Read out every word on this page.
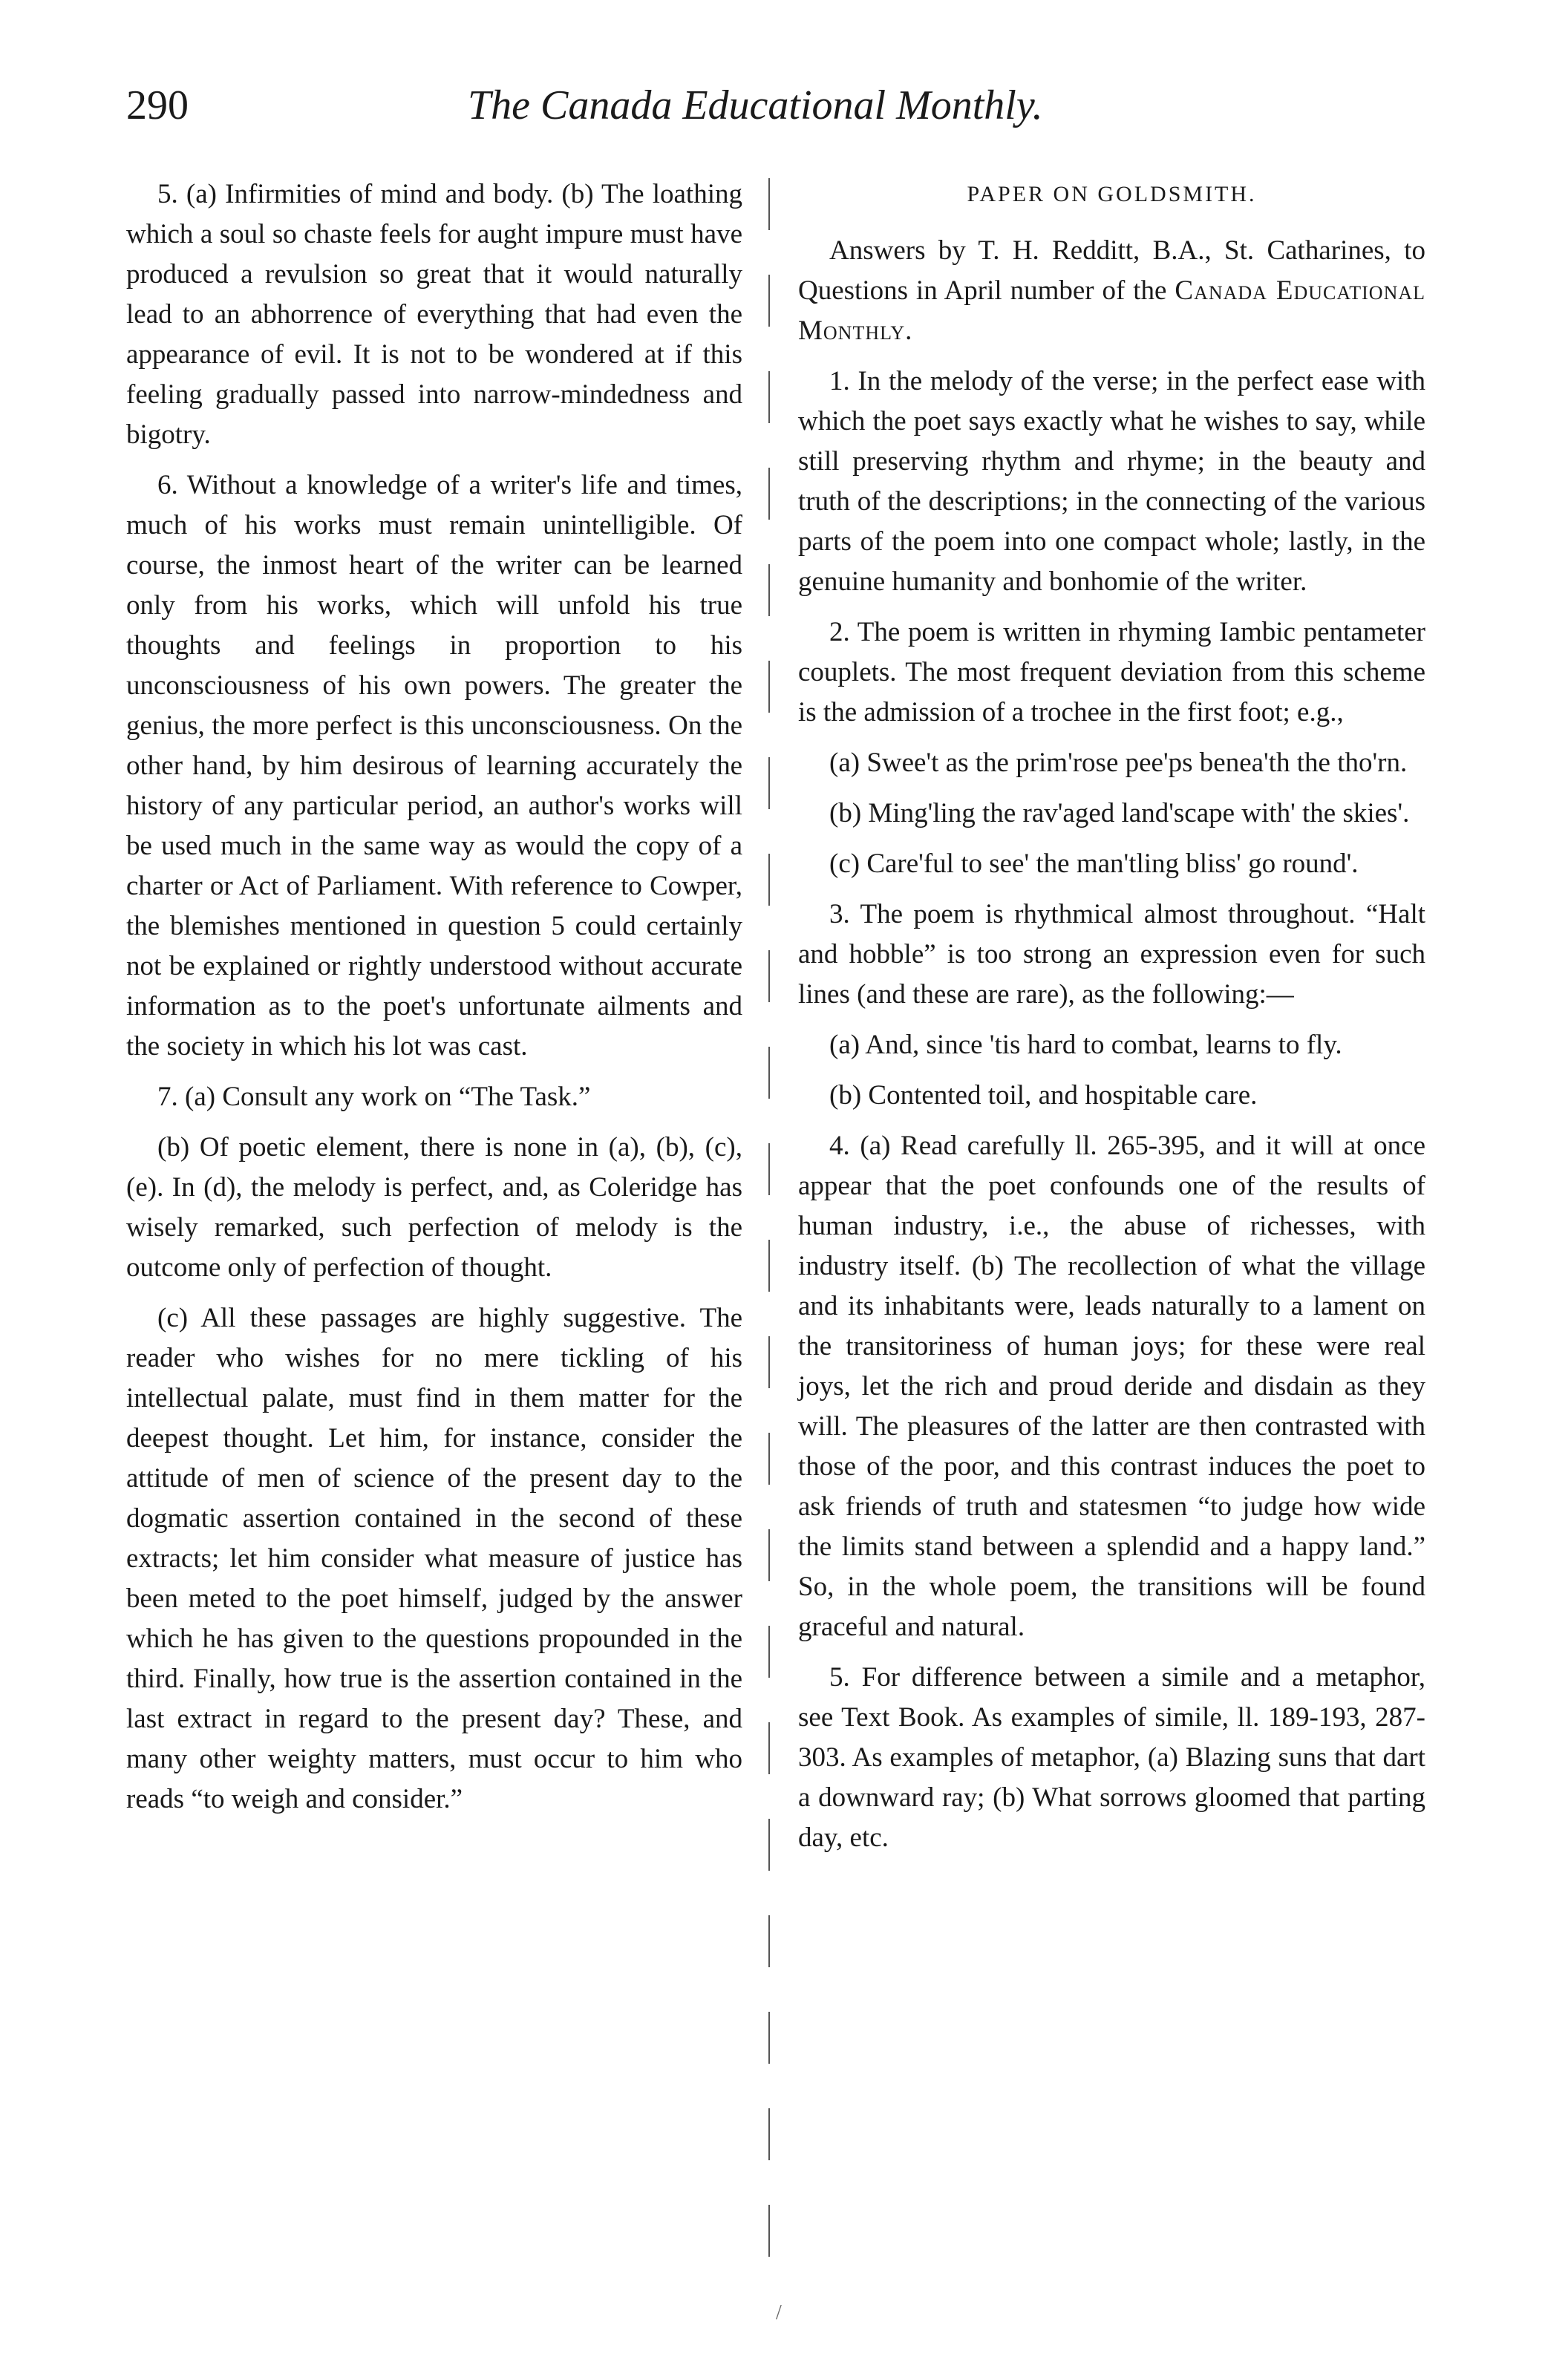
290	The Canada Educational Monthly.

5. (a) Infirmities of mind and body. (b) The loathing which a soul so chaste feels for aught impure must have produced a revulsion so great that it would naturally lead to an abhorrence of everything that had even the appearance of evil. It is not to be wondered at if this feeling gradually passed into narrow-mindedness and bigotry.

6. Without a knowledge of a writer's life and times, much of his works must remain unintelligible. Of course, the inmost heart of the writer can be learned only from his works, which will unfold his true thoughts and feelings in proportion to his unconsciousness of his own powers. The greater the genius, the more perfect is this unconsciousness. On the other hand, by him desirous of learning accurately the history of any particular period, an author's works will be used much in the same way as would the copy of a charter or Act of Parliament. With reference to Cowper, the blemishes mentioned in question 5 could certainly not be explained or rightly understood without accurate information as to the poet's unfortunate ailments and the society in which his lot was cast.

7. (a) Consult any work on “The Task.”

(b) Of poetic element, there is none in (a), (b), (c), (e). In (d), the melody is perfect, and, as Coleridge has wisely remarked, such perfection of melody is the outcome only of perfection of thought.

(c) All these passages are highly suggestive. The reader who wishes for no mere tickling of his intellectual palate, must find in them matter for the deepest thought. Let him, for instance, consider the attitude of men of science of the present day to the dogmatic assertion contained in the second of these extracts; let him consider what measure of justice has been meted to the poet himself, judged by the answer which he has given to the questions propounded in the third. Finally, how true is the assertion contained in the last extract in regard to the present day? These, and many other weighty matters, must occur to him who reads “to weigh and consider.”

PAPER ON GOLDSMITH.

Answers by T. H. Redditt, B.A., St. Catharines, to Questions in April number of the Canada Educational Monthly.

1. In the melody of the verse; in the perfect ease with which the poet says exactly what he wishes to say, while still preserving rhythm and rhyme; in the beauty and truth of the descriptions; in the connecting of the various parts of the poem into one compact whole; lastly, in the genuine humanity and bonhomie of the writer.

2. The poem is written in rhyming Iambic pentameter couplets. The most frequent deviation from this scheme is the admission of a trochee in the first foot; e.g.,

(a) Swee't as the prim'rose pee'ps benea'th the tho'rn.

(b) Ming'ling the rav'aged land'scape with' the skies'.

(c) Care'ful to see' the man'tling bliss' go round'.

3. The poem is rhythmical almost throughout. “Halt and hobble” is too strong an expression even for such lines (and these are rare), as the following:—

(a) And, since 'tis hard to combat, learns to fly.

(b) Contented toil, and hospitable care.

4. (a) Read carefully ll. 265-395, and it will at once appear that the poet confounds one of the results of human industry, i.e., the abuse of richesses, with industry itself. (b) The recollection of what the village and its inhabitants were, leads naturally to a lament on the transitoriness of human joys; for these were real joys, let the rich and proud deride and disdain as they will. The pleasures of the latter are then contrasted with those of the poor, and this contrast induces the poet to ask friends of truth and statesmen “to judge how wide the limits stand between a splendid and a happy land.” So, in the whole poem, the transitions will be found graceful and natural.

5. For difference between a simile and a metaphor, see Text Book. As examples of simile, ll. 189-193, 287-303. As examples of metaphor, (a) Blazing suns that dart a downward ray; (b) What sorrows gloomed that parting day, etc.

/
